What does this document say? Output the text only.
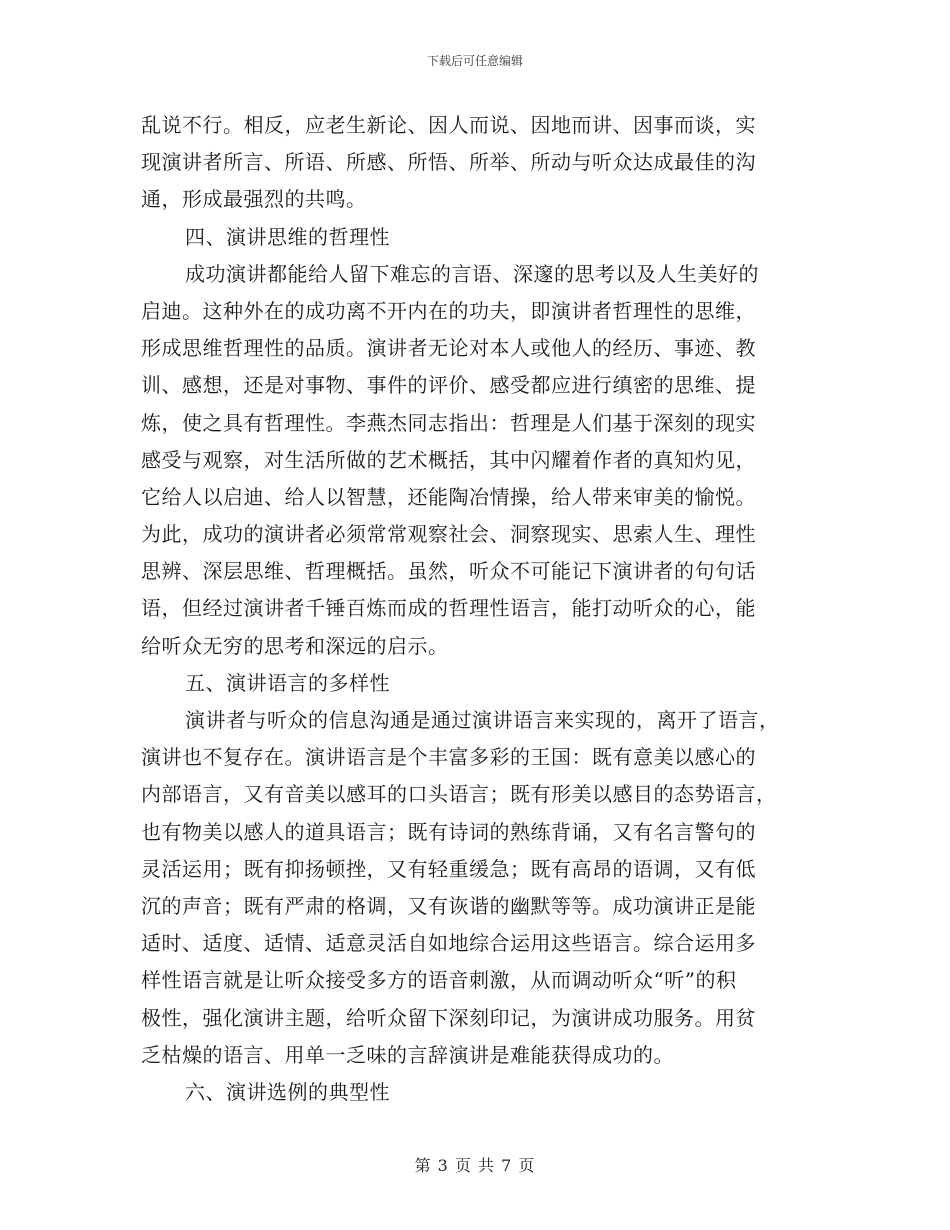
下载后可任意编辑
乱说不行。相反，应老生新论、因人而说、因地而讲、因事而谈，实
现演讲者所言、所语、所感、所悟、所举、所动与听众达成最佳的沟
通，形成最强烈的共鸣。
四、演讲思维的哲理性
成功演讲都能给人留下难忘的言语、深邃的思考以及人生美好的
启迪。这种外在的成功离不开内在的功夫，即演讲者哲理性的思维，
形成思维哲理性的品质。演讲者无论对本人或他人的经历、事迹、教
训、感想，还是对事物、事件的评价、感受都应进行缜密的思维、提
炼，使之具有哲理性。李燕杰同志指出：哲理是人们基于深刻的现实
感受与观察，对生活所做的艺术概括，其中闪耀着作者的真知灼见，
它给人以启迪、给人以智慧，还能陶冶情操，给人带来审美的愉悦。
为此，成功的演讲者必须常常观察社会、洞察现实、思索人生、理性
思辨、深层思维、哲理概括。虽然，听众不可能记下演讲者的句句话
语，但经过演讲者千锤百炼而成的哲理性语言，能打动听众的心，能
给听众无穷的思考和深远的启示。
五、演讲语言的多样性
演讲者与听众的信息沟通是通过演讲语言来实现的，离开了语言，
演讲也不复存在。演讲语言是个丰富多彩的王国：既有意美以感心的
内部语言，又有音美以感耳的口头语言；既有形美以感目的态势语言，
也有物美以感人的道具语言；既有诗词的熟练背诵，又有名言警句的
灵活运用；既有抑扬顿挫，又有轻重缓急；既有高昂的语调，又有低
沉的声音；既有严肃的格调，又有诙谐的幽默等等。成功演讲正是能
适时、适度、适情、适意灵活自如地综合运用这些语言。综合运用多
样性语言就是让听众接受多方的语音刺激，从而调动听众“听”的积
极性，强化演讲主题，给听众留下深刻印记，为演讲成功服务。用贫
乏枯燥的语言、用单一乏味的言辞演讲是难能获得成功的。
六、演讲选例的典型性
第 3 页 共 7 页
